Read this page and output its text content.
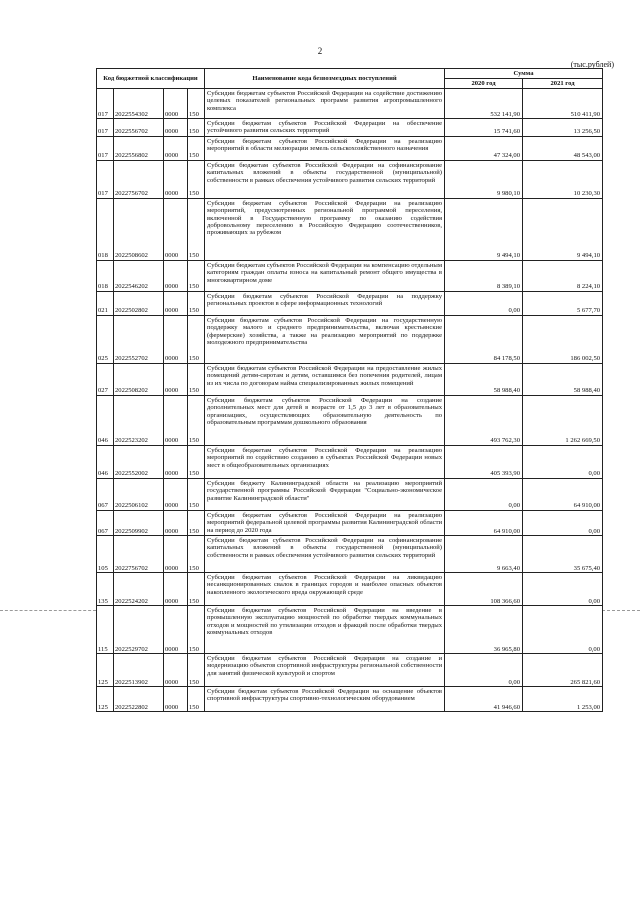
2
(тыс.рублей)
Код бюджетной классификации				Наименование кода безвозмездных поступлений	Сумма	
					2020 год	2021 год
017	2022554302	0000	150	Субсидии бюджетам субъектов Российской Федерации на содействие достижению целевых показателей региональных программ развития агропромышленного комплекса	532 141,90	510 411,90
017	2022556702	0000	150	Субсидии бюджетам субъектов Российской Федерации на обеспечение устойчивого развития сельских территорий	15 741,60	13 256,50
017	2022556802	0000	150	Субсидии бюджетам субъектов Российской Федерации на реализацию мероприятий в области мелиорации земель сельскохозяйственного назначения	47 324,00	48 543,00
017	2022756702	0000	150	Субсидии бюджетам субъектов Российской Федерации на софинансирование капитальных вложений в объекты государственной (муниципальной) собственности в рамках обеспечения устойчивого развития сельских территорий	9 980,10	10 230,30
018	2022508602	0000	150	Субсидии бюджетам субъектов Российской Федерации на реализацию мероприятий, предусмотренных региональной программой переселения, включенной в Государственную программу по оказанию содействия добровольному переселению в Российскую Федерацию соотечественников, проживающих за рубежом	9 494,10	9 494,10
018	2022546202	0000	150	Субсидии бюджетам субъектов Российской Федерации на компенсацию отдельным категориям граждан оплаты взноса на капитальный ремонт общего имущества в многоквартирном доме	8 389,10	8 224,10
021	2022502802	0000	150	Субсидии бюджетам субъектов Российской Федерации на поддержку региональных проектов в сфере информационных технологий	0,00	5 677,70
025	2022552702	0000	150	Субсидии бюджетам субъектов Российской Федерации на государственную поддержку малого и среднего предпринимательства, включая крестьянские (фермерские) хозяйства, а также на реализацию мероприятий по поддержке молодежного предпринимательства	84 178,50	186 002,50
027	2022508202	0000	150	Субсидии бюджетам субъектов Российской Федерации на предоставление жилых помещений детям-сиротам и детям, оставшимся без попечения родителей, лицам из их числа по договорам найма специализированных жилых помещений	58 988,40	58 988,40
046	2022523202	0000	150	Субсидии бюджетам субъектов Российской Федерации на создание дополнительных мест для детей в возрасте от 1,5 до 3 лет в образовательных организациях, осуществляющих образовательную деятельность по образовательным программам дошкольного образования	493 762,30	1 262 669,50
046	2022552002	0000	150	Субсидии бюджетам субъектов Российской Федерации на реализацию мероприятий по содействию созданию в субъектах Российской Федерации новых мест в общеобразовательных организациях	405 393,90	0,00
067	2022506102	0000	150	Субсидии бюджету Калининградской области на реализацию мероприятий государственной программы Российской Федерации "Социально-экономическое развитие Калининградской области"	0,00	64 910,00
067	2022509902	0000	150	Субсидии бюджетам субъектов Российской Федерации на реализацию мероприятий федеральной целевой программы развития Калининградской области на период до 2020 года	64 910,00	0,00
105	2022756702	0000	150	Субсидии бюджетам субъектов Российской Федерации на софинансирование капитальных вложений в объекты государственной (муниципальной) собственности в рамках обеспечения устойчивого развития сельских территорий	9 663,40	35 675,40
135	2022524202	0000	150	Субсидии бюджетам субъектов Российской Федерации на ликвидацию несанкционированных свалок в границах городов и наиболее опасных объектов накопленного экологического вреда окружающей среде	108 366,60	0,00
115	2022529702	0000	150	Субсидии бюджетам субъектов Российской Федерации на введение в промышленную эксплуатацию мощностей по обработке твердых коммунальных отходов и мощностей по утилизации отходов и фракций после обработки твердых коммунальных отходов	36 965,80	0,00
125	2022513902	0000	150	Субсидии бюджетам субъектов Российской Федерации на создание и модернизацию объектов спортивной инфраструктуры региональной собственности для занятий физической культурой и спортом	0,00	265 821,60
125	2022522802	0000	150	Субсидии бюджетам субъектов Российской Федерации на оснащение объектов спортивной инфраструктуры спортивно-технологическим оборудованием	41 946,60	1 253,00
